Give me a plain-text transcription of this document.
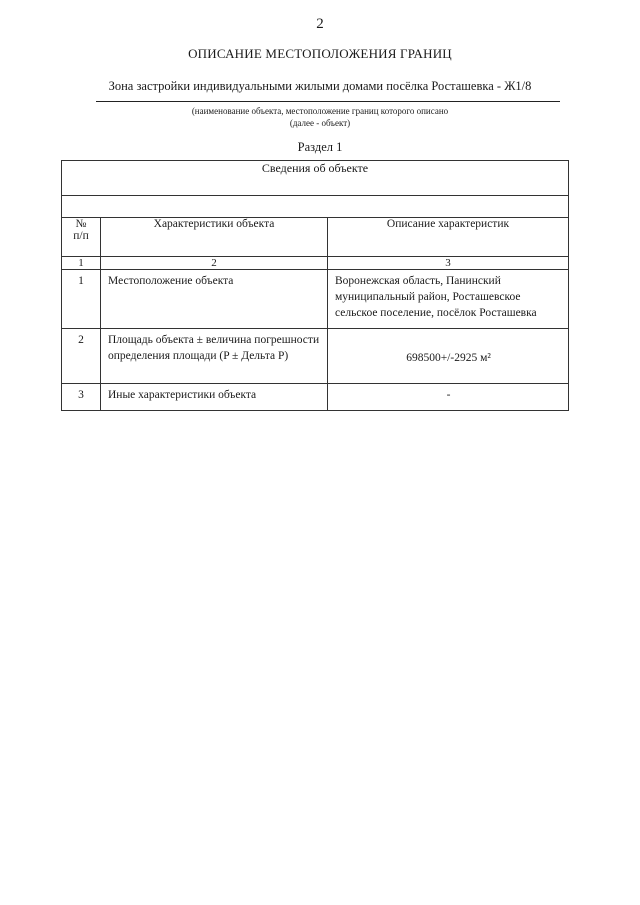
2
ОПИСАНИЕ МЕСТОПОЛОЖЕНИЯ ГРАНИЦ
Зона застройки индивидуальными жилыми домами посёлка Росташевка - Ж1/8
(наименование объекта, местоположение границ которого описано
(далее - объект)
Раздел 1
Сведения об объекте		

№
п/п	Характеристики объекта	Описание характеристик
1	2	3

1	Местоположение объекта	Воронежская область, Панинский муниципальный район, Росташевское сельское поселение, посёлок Росташевка

2	Площадь объекта ± величина погрешности определения площади (P ± Дельта P)	698500+/-2925 м²

3	Иные характеристики объекта	-
